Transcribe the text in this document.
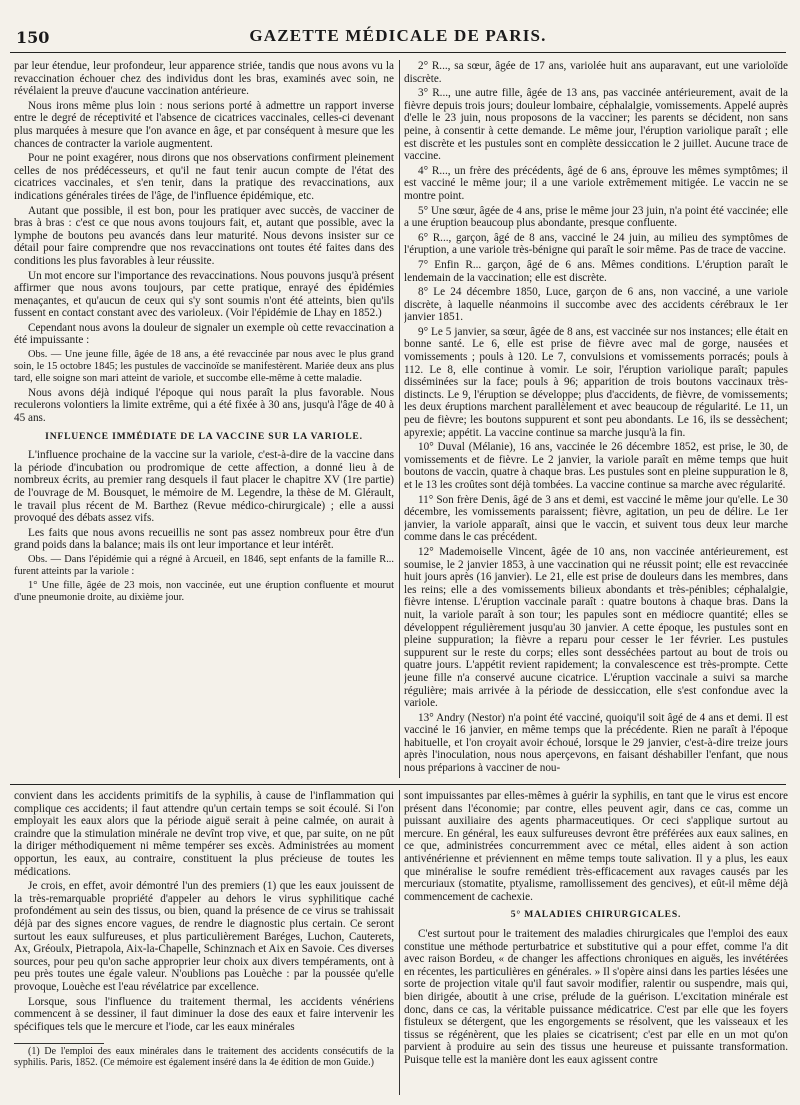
150	GAZETTE MÉDICALE DE PARIS.

par leur étendue, leur profondeur, leur apparence striée, tandis que nous avons vu la revaccination échouer chez des individus dont les bras, examinés avec soin, ne révélaient la preuve d'aucune vaccination antérieure.

Nous irons même plus loin : nous serions porté à admettre un rapport inverse entre le degré de réceptivité et l'absence de cicatrices vaccinales, celles-ci devenant plus marquées à mesure que l'on avance en âge, et par conséquent à mesure que les chances de contracter la variole augmentent.

Pour ne point exagérer, nous dirons que nos observations confirment pleinement celles de nos prédécesseurs, et qu'il ne faut tenir aucun compte de l'état des cicatrices vaccinales, et s'en tenir, dans la pratique des revaccinations, aux indications générales tirées de l'âge, de l'influence épidémique, etc.

Autant que possible, il est bon, pour les pratiquer avec succès, de vacciner de bras à bras : c'est ce que nous avons toujours fait, et, autant que possible, avec la lymphe de boutons peu avancés dans leur maturité. Nous devons insister sur ce détail pour faire comprendre que nos revaccinations ont toutes été faites dans des conditions les plus favorables à leur réussite.

Un mot encore sur l'importance des revaccinations. Nous pouvons jusqu'à présent affirmer que nous avons toujours, par cette pratique, enrayé des épidémies menaçantes, et qu'aucun de ceux qui s'y sont soumis n'ont été atteints, bien qu'ils fussent en contact constant avec des varioleux. (Voir l'épidémie de Lhay en 1852.)

Cependant nous avons la douleur de signaler un exemple où cette revaccination a été impuissante :

Obs. — Une jeune fille, âgée de 18 ans, a été revaccinée par nous avec le plus grand soin, le 15 octobre 1845; les pustules de vaccinoïde se manifestèrent. Mariée deux ans plus tard, elle soigne son mari atteint de variole, et succombe elle-même à cette maladie.

Nous avons déjà indiqué l'époque qui nous paraît la plus favorable. Nous reculerons volontiers la limite extrême, qui a été fixée à 30 ans, jusqu'à l'âge de 40 à 45 ans.

INFLUENCE IMMÉDIATE DE LA VACCINE SUR LA VARIOLE.

L'influence prochaine de la vaccine sur la variole, c'est-à-dire de la vaccine dans la période d'incubation ou prodromique de cette affection, a donné lieu à de nombreux écrits, au premier rang desquels il faut placer le chapitre XV (1re partie) de l'ouvrage de M. Bousquet, le mémoire de M. Legendre, la thèse de M. Glérault, le travail plus récent de M. Barthez (Revue médico-chirurgicale) ; elle a aussi provoqué des débats assez vifs.

Les faits que nous avons recueillis ne sont pas assez nombreux pour être d'un grand poids dans la balance; mais ils ont leur importance et leur intérêt.

Obs. — Dans l'épidémie qui a régné à Arcueil, en 1846, sept enfants de la famille R... furent atteints par la variole :

1° Une fille, âgée de 23 mois, non vaccinée, eut une éruption confluente et mourut d'une pneumonie droite, au dixième jour.

2° R..., sa sœur, âgée de 17 ans, variolée huit ans auparavant, eut une varioloïde discrète.

3° R..., une autre fille, âgée de 13 ans, pas vaccinée antérieurement, avait de la fièvre depuis trois jours; douleur lombaire, céphalalgie, vomissements. Appelé auprès d'elle le 23 juin, nous proposons de la vacciner; les parents se décident, non sans peine, à consentir à cette demande. Le même jour, l'éruption variolique paraît ; elle est discrète et les pustules sont en complète dessiccation le 2 juillet. Aucune trace de vaccine.

4° R..., un frère des précédents, âgé de 6 ans, éprouve les mêmes symptômes; il est vacciné le même jour; il a une variole extrêmement mitigée. Le vaccin ne se montre point.

5° Une sœur, âgée de 4 ans, prise le même jour 23 juin, n'a point été vaccinée; elle a une éruption beaucoup plus abondante, presque confluente.

6° R..., garçon, âgé de 8 ans, vacciné le 24 juin, au milieu des symptômes de l'éruption, a une variole très-bénigne qui paraît le soir même. Pas de trace de vaccine.

7° Enfin R... garçon, âgé de 6 ans. Mêmes conditions. L'éruption paraît le lendemain de la vaccination; elle est discrète.

8° Le 24 décembre 1850, Luce, garçon de 6 ans, non vacciné, a une variole discrète, à laquelle néanmoins il succombe avec des accidents cérébraux le 1er janvier 1851.

9° Le 5 janvier, sa sœur, âgée de 8 ans, est vaccinée sur nos instances; elle était en bonne santé. Le 6, elle est prise de fièvre avec mal de gorge, nausées et vomissements ; pouls à 120. Le 7, convulsions et vomissements porracés; pouls à 112. Le 8, elle continue à vomir. Le soir, l'éruption variolique paraît; papules disséminées sur la face; pouls à 96; apparition de trois boutons vaccinaux très-distincts. Le 9, l'éruption se développe; plus d'accidents, de fièvre, de vomissements; les deux éruptions marchent parallèlement et avec beaucoup de régularité. Le 11, un peu de fièvre; les boutons suppurent et sont peu abondants. Le 16, ils se dessèchent; apyrexie; appétit. La vaccine continue sa marche jusqu'à la fin.

10° Duval (Mélanie), 16 ans, vaccinée le 26 décembre 1852, est prise, le 30, de vomissements et de fièvre. Le 2 janvier, la variole paraît en même temps que huit boutons de vaccin, quatre à chaque bras. Les pustules sont en pleine suppuration le 8, et le 13 les croûtes sont déjà tombées. La vaccine continue sa marche avec régularité.

11° Son frère Denis, âgé de 3 ans et demi, est vacciné le même jour qu'elle. Le 30 décembre, les vomissements paraissent; fièvre, agitation, un peu de délire. Le 1er janvier, la variole apparaît, ainsi que le vaccin, et suivent tous deux leur marche comme dans le cas précédent.

12° Mademoiselle Vincent, âgée de 10 ans, non vaccinée antérieurement, est soumise, le 2 janvier 1853, à une vaccination qui ne réussit point; elle est revaccinée huit jours après (16 janvier). Le 21, elle est prise de douleurs dans les membres, dans les reins; elle a des vomissements bilieux abondants et très-pénibles; céphalalgie, fièvre intense. L'éruption vaccinale paraît : quatre boutons à chaque bras. Dans la nuit, la variole paraît à son tour; les papules sont en médiocre quantité; elles se développent régulièrement jusqu'au 30 janvier. A cette époque, les pustules sont en pleine suppuration; la fièvre a reparu pour cesser le 1er février. Les pustules suppurent sur le reste du corps; elles sont desséchées partout au bout de trois ou quatre jours. L'appétit revient rapidement; la convalescence est très-prompte. Cette jeune fille n'a conservé aucune cicatrice. L'éruption vaccinale a suivi sa marche régulière; mais arrivée à la période de dessiccation, elle s'est confondue avec la variole.

13° Andry (Nestor) n'a point été vacciné, quoiqu'il soit âgé de 4 ans et demi. Il est vacciné le 16 janvier, en même temps que la précédente. Rien ne paraît à l'époque habituelle, et l'on croyait avoir échoué, lorsque le 29 janvier, c'est-à-dire treize jours après l'inoculation, nous nous aperçevons, en faisant déshabiller l'enfant, que nous nous préparions à vacciner de nou-

convient dans les accidents primitifs de la syphilis, à cause de l'inflammation qui complique ces accidents; il faut attendre qu'un certain temps se soit écoulé. Si l'on employait les eaux alors que la période aiguë serait à peine calmée, on aurait à craindre que la stimulation minérale ne devînt trop vive, et que, par suite, on ne pût la diriger méthodiquement ni même tempérer ses excès. Administrées au moment opportun, les eaux, au contraire, constituent la plus précieuse de toutes les médications.

Je crois, en effet, avoir démontré l'un des premiers (1) que les eaux jouissent de la très-remarquable propriété d'appeler au dehors le virus syphilitique caché profondément au sein des tissus, ou bien, quand la présence de ce virus se trahissait déjà par des signes encore vagues, de rendre le diagnostic plus certain. Ce seront surtout les eaux sulfureuses, et plus particulièrement Baréges, Luchon, Cauterets, Ax, Gréoulx, Pietrapola, Aix-la-Chapelle, Schinznach et Aix en Savoie. Ces diverses sources, pour peu qu'on sache approprier leur choix aux divers tempéraments, ont à peu près toutes une égale valeur. N'oublions pas Louèche : par la poussée qu'elle provoque, Louèche est l'eau révélatrice par excellence.

Lorsque, sous l'influence du traitement thermal, les accidents vénériens commencent à se dessiner, il faut diminuer la dose des eaux et faire intervenir les spécifiques tels que le mercure et l'iode, car les eaux minérales

sont impuissantes par elles-mêmes à guérir la syphilis, en tant que le virus est encore présent dans l'économie; par contre, elles peuvent agir, dans ce cas, comme un puissant auxiliaire des agents pharmaceutiques. Or ceci s'applique surtout au mercure. En général, les eaux sulfureuses devront être préférées aux eaux salines, en ce que, administrées concurremment avec ce métal, elles aident à son action antivénérienne et préviennent en même temps toute salivation. Il y a plus, les eaux que minéralise le soufre remédient très-efficacement aux ravages causés par les mercuriaux (stomatite, ptyalisme, ramollissement des gencives), et eût-il même déjà commencement de cachexie.

5° MALADIES CHIRURGICALES.

C'est surtout pour le traitement des maladies chirurgicales que l'emploi des eaux constitue une méthode perturbatrice et substitutive qui a pour effet, comme l'a dit avec raison Bordeu, « de changer les affections chroniques en aiguës, les invétérées en récentes, les particulières en générales. » Il s'opère ainsi dans les parties lésées une sorte de projection vitale qu'il faut savoir modifier, ralentir ou suspendre, mais qui, bien dirigée, aboutit à une crise, prélude de la guérison. L'excitation minérale est donc, dans ce cas, la véritable puissance médicatrice. C'est par elle que les foyers fistuleux se détergent, que les engorgements se résolvent, que les vaisseaux et les tissus se régénèrent, que les plaies se cicatrisent; c'est par elle en un mot qu'on parvient à produire au sein des tissus une heureuse et puissante transformation. Puisque telle est la manière dont les eaux agissent contre

(1) De l'emploi des eaux minérales dans le traitement des accidents consécutifs de la syphilis. Paris, 1852. (Ce mémoire est également inséré dans la 4e édition de mon Guide.)
